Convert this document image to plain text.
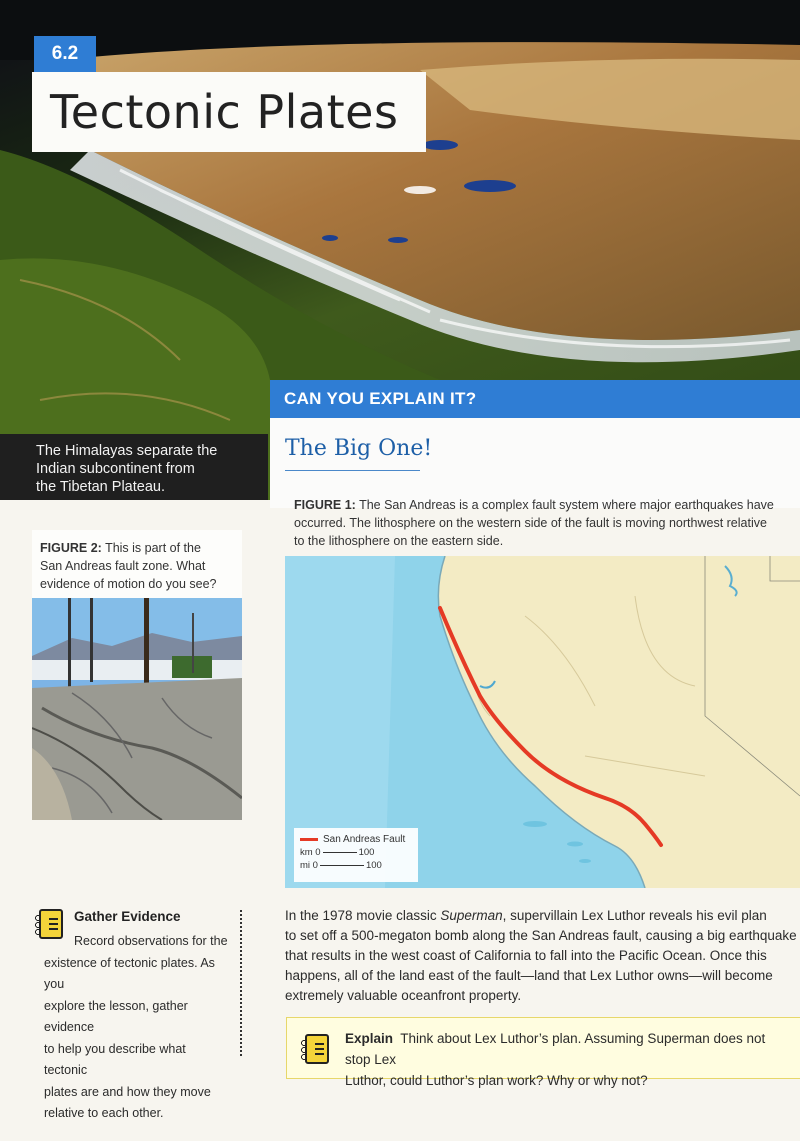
6.2
Tectonic Plates
The Himalayas separate the
Indian subcontinent from
the Tibetan Plateau.
CAN YOU EXPLAIN IT?
The Big One!
FIGURE 1: The San Andreas is a complex fault system where major earthquakes have
occurred. The lithosphere on the western side of the fault is moving northwest relative
to the lithosphere on the eastern side.
San Andreas Fault
km 0	100
mi 0	100
FIGURE 2: This is part of the
San Andreas fault zone. What
evidence of motion do you see?
In the 1978 movie classic Superman, supervillain Lex Luthor reveals his evil plan
to set off a 500-megaton bomb along the San Andreas fault, causing a big earthquake
that results in the west coast of California to fall into the Pacific Ocean. Once this
happens, all of the land east of the fault—land that Lex Luthor owns—will become
extremely valuable oceanfront property.
Gather Evidence
Record observations for the
existence of tectonic plates. As you
explore the lesson, gather evidence
to help you describe what tectonic
plates are and how they move
relative to each other.
Explain Think about Lex Luthor’s plan. Assuming Superman does not stop Lex
Luthor, could Luthor’s plan work? Why or why not?
